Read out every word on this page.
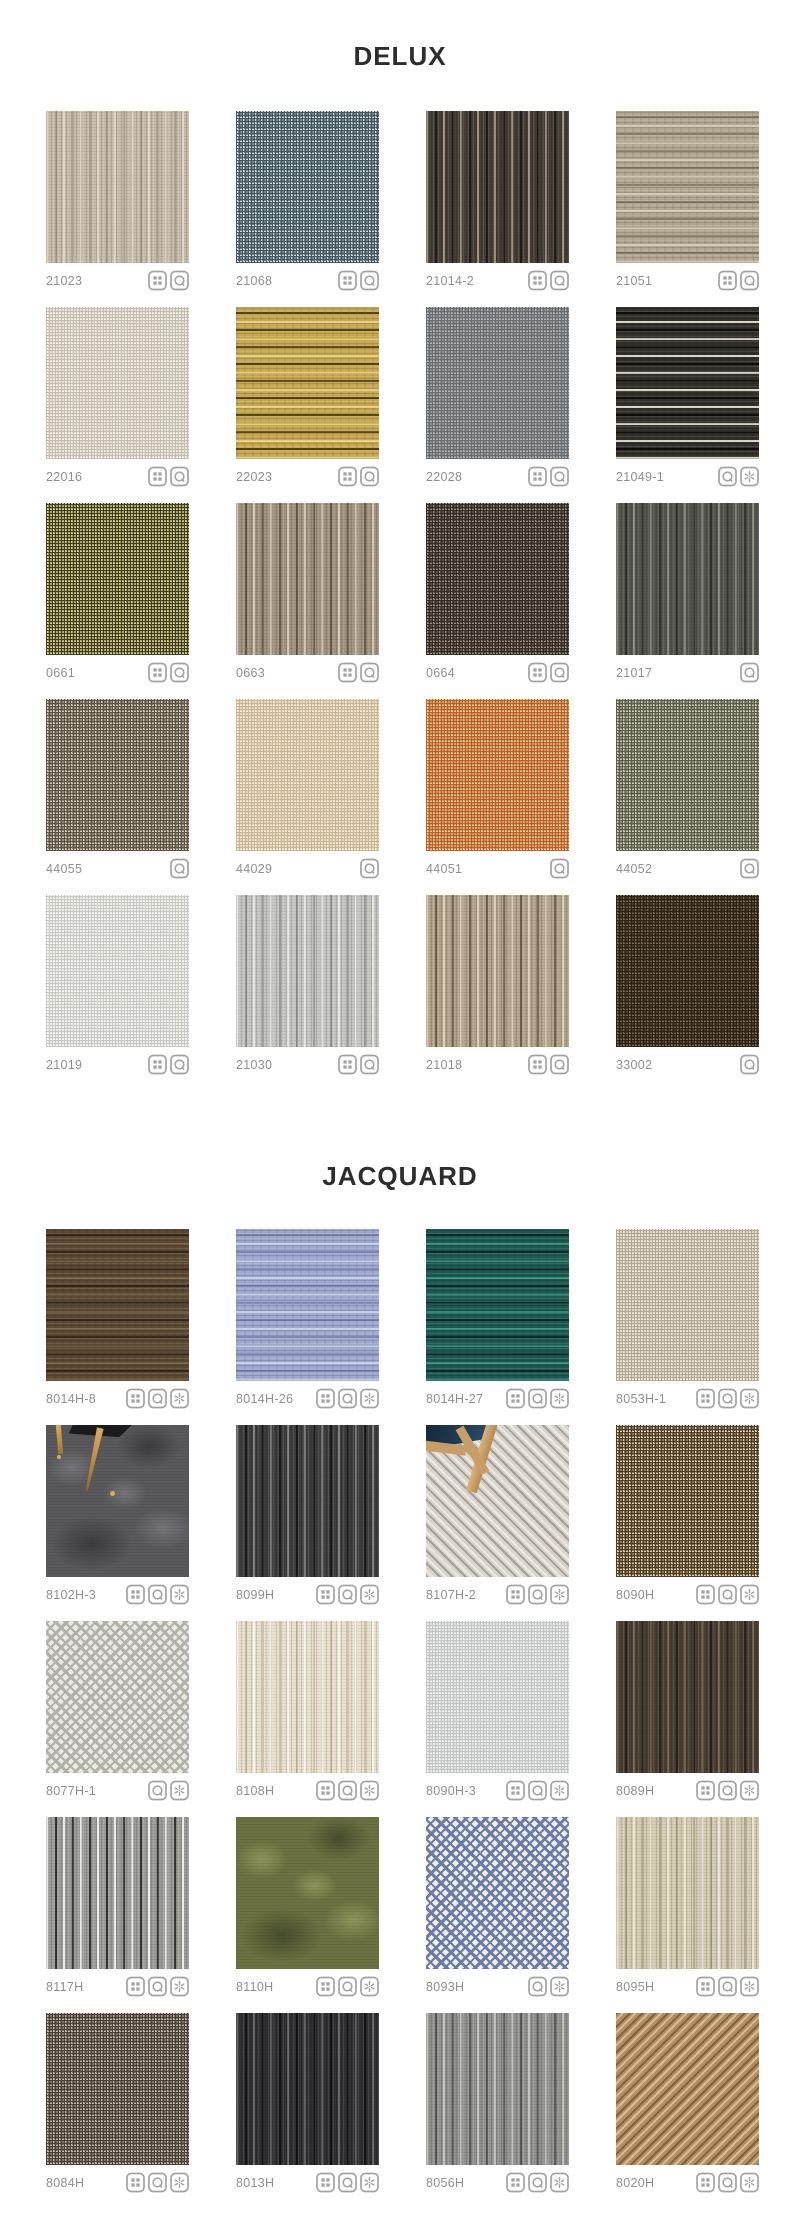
DELUX
21023	21068	21014-2	21051
22016	22023	22028	21049-1
0661	0663	0664	21017
44055	44029	44051	44052
21019	21030	21018	33002
JACQUARD
8014H-8	8014H-26	8014H-27	8053H-1
8102H-3	8099H	8107H-2	8090H
8077H-1	8108H	8090H-3	8089H
8117H	8110H	8093H	8095H
8084H	8013H	8056H	8020H
